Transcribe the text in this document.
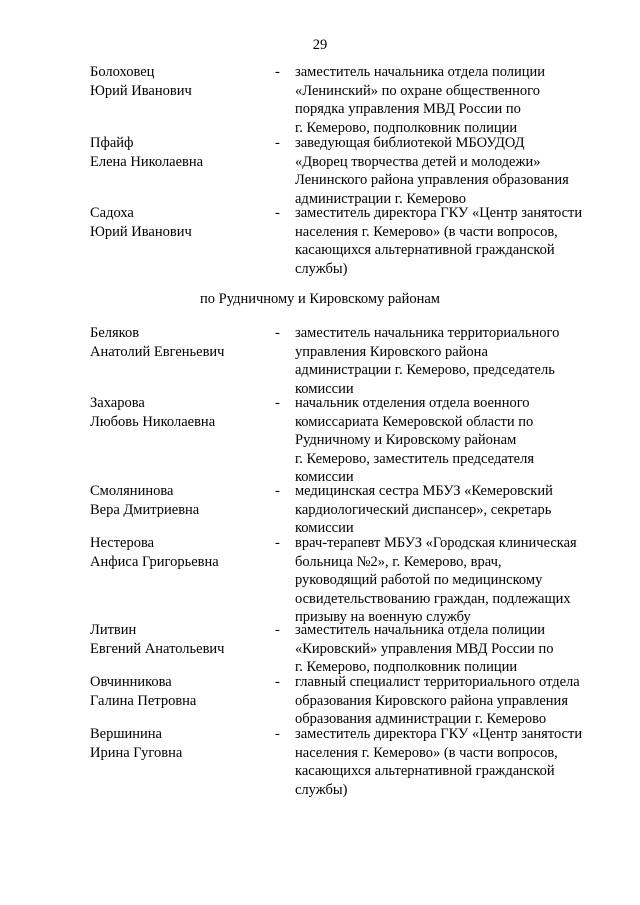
29
по Рудничному и Кировскому районам
Болоховец
Юрий Иванович
- заместитель начальника отдела полиции
«Ленинский» по охране общественного
порядка управления МВД России по
г. Кемерово, подполковник полиции
Пфайф
Елена Николаевна
- заведующая библиотекой МБОУДОД
«Дворец творчества детей и молодежи»
Ленинского района управления образования
администрации г. Кемерово
Садоха
Юрий Иванович
- заместитель директора ГКУ «Центр занятости
населения г. Кемерово» (в части вопросов,
касающихся альтернативной гражданской
службы)
Беляков
Анатолий Евгеньевич
- заместитель начальника территориального
управления Кировского района
администрации г. Кемерово, председатель
комиссии
Захарова
Любовь Николаевна
- начальник отделения отдела военного
комиссариата Кемеровской области по
Рудничному и Кировскому районам
г. Кемерово, заместитель председателя
комиссии
Смолянинова
Вера Дмитриевна
- медицинская сестра МБУЗ «Кемеровский
кардиологический диспансер», секретарь
комиссии
Нестерова
Анфиса Григорьевна
- врач-терапевт МБУЗ «Городская клиническая
больница №2», г. Кемерово, врач,
руководящий работой по медицинскому
освидетельствованию граждан, подлежащих
призыву на военную службу
Литвин
Евгений Анатольевич
- заместитель начальника отдела полиции
«Кировский» управления МВД России по
г. Кемерово, подполковник полиции
Овчинникова
Галина Петровна
- главный специалист территориального отдела
образования Кировского района управления
образования администрации г. Кемерово
Вершинина
Ирина Гуговна
- заместитель директора ГКУ «Центр занятости
населения г. Кемерово» (в части вопросов,
касающихся альтернативной гражданской
службы)
